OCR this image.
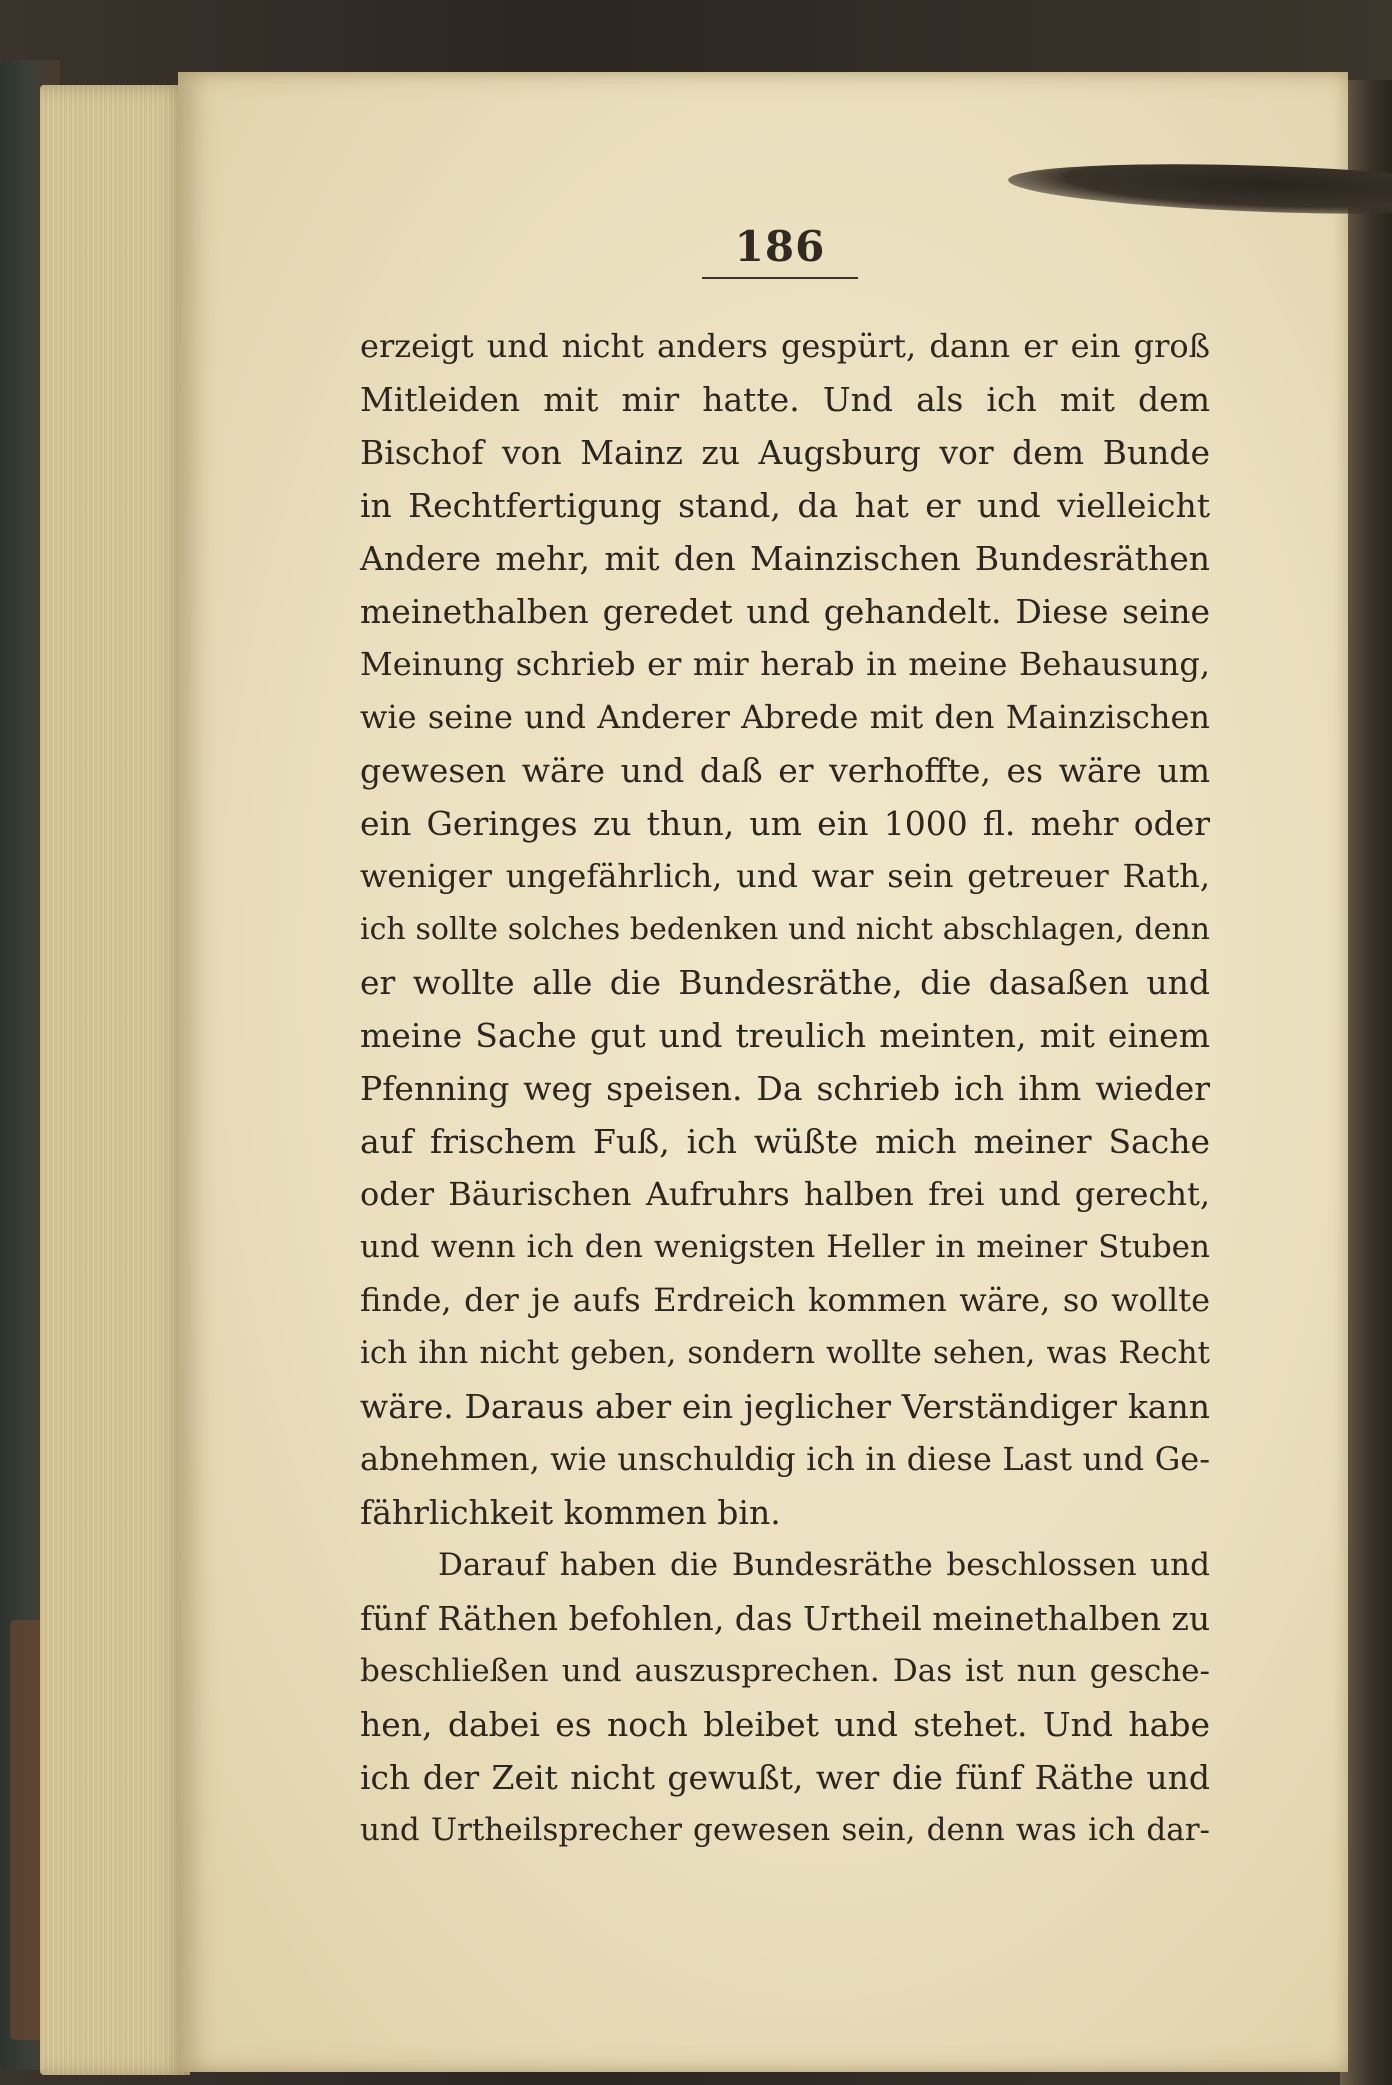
186
erzeigt und nicht anders gespürt, dann er ein groß
Mitleiden mit mir hatte. Und als ich mit dem
Bischof von Mainz zu Augsburg vor dem Bunde
in Rechtfertigung stand, da hat er und vielleicht
Andere mehr, mit den Mainzischen Bundesräthen
meinethalben geredet und gehandelt. Diese seine
Meinung schrieb er mir herab in meine Behausung,
wie seine und Anderer Abrede mit den Mainzischen
gewesen wäre und daß er verhoffte, es wäre um
ein Geringes zu thun, um ein 1000 fl. mehr oder
weniger ungefährlich, und war sein getreuer Rath,
ich sollte solches bedenken und nicht abschlagen, denn
er wollte alle die Bundesräthe, die dasaßen und
meine Sache gut und treulich meinten, mit einem
Pfenning weg speisen. Da schrieb ich ihm wieder
auf frischem Fuß, ich wüßte mich meiner Sache
oder Bäurischen Aufruhrs halben frei und gerecht,
und wenn ich den wenigsten Heller in meiner Stuben
finde, der je aufs Erdreich kommen wäre, so wollte
ich ihn nicht geben, sondern wollte sehen, was Recht
wäre. Daraus aber ein jeglicher Verständiger kann
abnehmen, wie unschuldig ich in diese Last und Ge-
fährlichkeit kommen bin.
Darauf haben die Bundesräthe beschlossen und
fünf Räthen befohlen, das Urtheil meinethalben zu
beschließen und auszusprechen. Das ist nun gesche-
hen, dabei es noch bleibet und stehet. Und habe
ich der Zeit nicht gewußt, wer die fünf Räthe und
und Urtheilsprecher gewesen sein, denn was ich dar-
